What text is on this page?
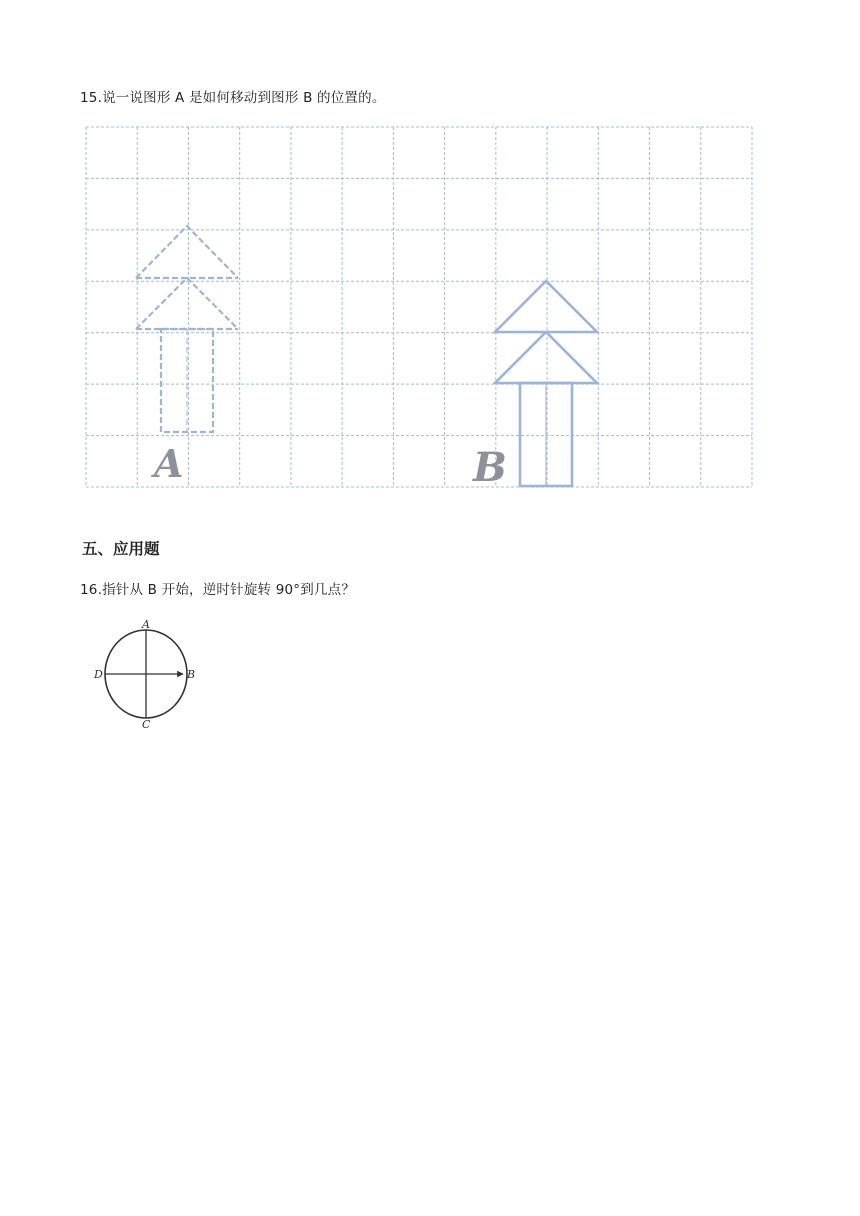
15.说一说图形 A 是如何移动到图形 B 的位置的。
A	B
五、应用题
16.指针从 B 开始，逆时针旋转 90°到几点？
A
B
C
D
